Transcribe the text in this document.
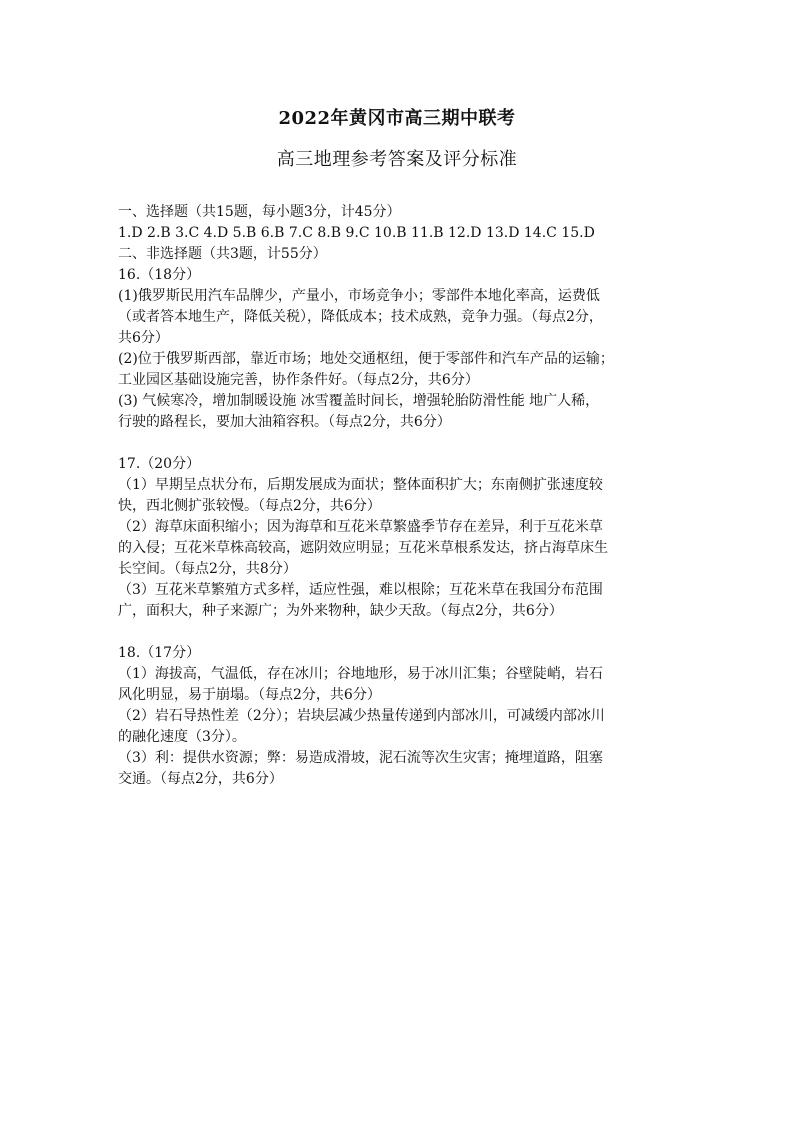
2022年黄冈市高三期中联考
高三地理参考答案及评分标准
一、选择题（共15题，每小题3分，计45分）
1.D 2.B 3.C 4.D 5.B 6.B 7.C 8.B 9.C 10.B 11.B 12.D 13.D 14.C 15.D
二、非选择题（共3题，计55分）
16.（18分）
(1)俄罗斯民用汽车品牌少，产量小，市场竞争小；零部件本地化率高，运费低
（或者答本地生产，降低关税），降低成本；技术成熟，竞争力强。（每点2分，
共6分）
(2)位于俄罗斯西部，靠近市场；地处交通枢纽，便于零部件和汽车产品的运输；
工业园区基础设施完善，协作条件好。（每点2分，共6分）
(3) 气候寒冷，增加制暖设施 冰雪覆盖时间长，增强轮胎防滑性能 地广人稀，
行驶的路程长，要加大油箱容积。（每点2分，共6分）
17.（20分）
（1）早期呈点状分布，后期发展成为面状；整体面积扩大；东南侧扩张速度较
快，西北侧扩张较慢。（每点2分，共6分）
（2）海草床面积缩小；因为海草和互花米草繁盛季节存在差异，利于互花米草
的入侵；互花米草株高较高，遮阴效应明显；互花米草根系发达，挤占海草床生
长空间。（每点2分，共8分）
（3）互花米草繁殖方式多样，适应性强，难以根除；互花米草在我国分布范围
广，面积大，种子来源广；为外来物种，缺少天敌。（每点2分，共6分）
18.（17分）
（1）海拔高，气温低，存在冰川；谷地地形，易于冰川汇集；谷壁陡峭，岩石
风化明显，易于崩塌。（每点2分，共6分）
（2）岩石导热性差（2分）；岩块层减少热量传递到内部冰川，可减缓内部冰川
的融化速度（3分）。
（3）利：提供水资源；弊：易造成滑坡，泥石流等次生灾害；掩埋道路，阻塞
交通。（每点2分，共6分）
